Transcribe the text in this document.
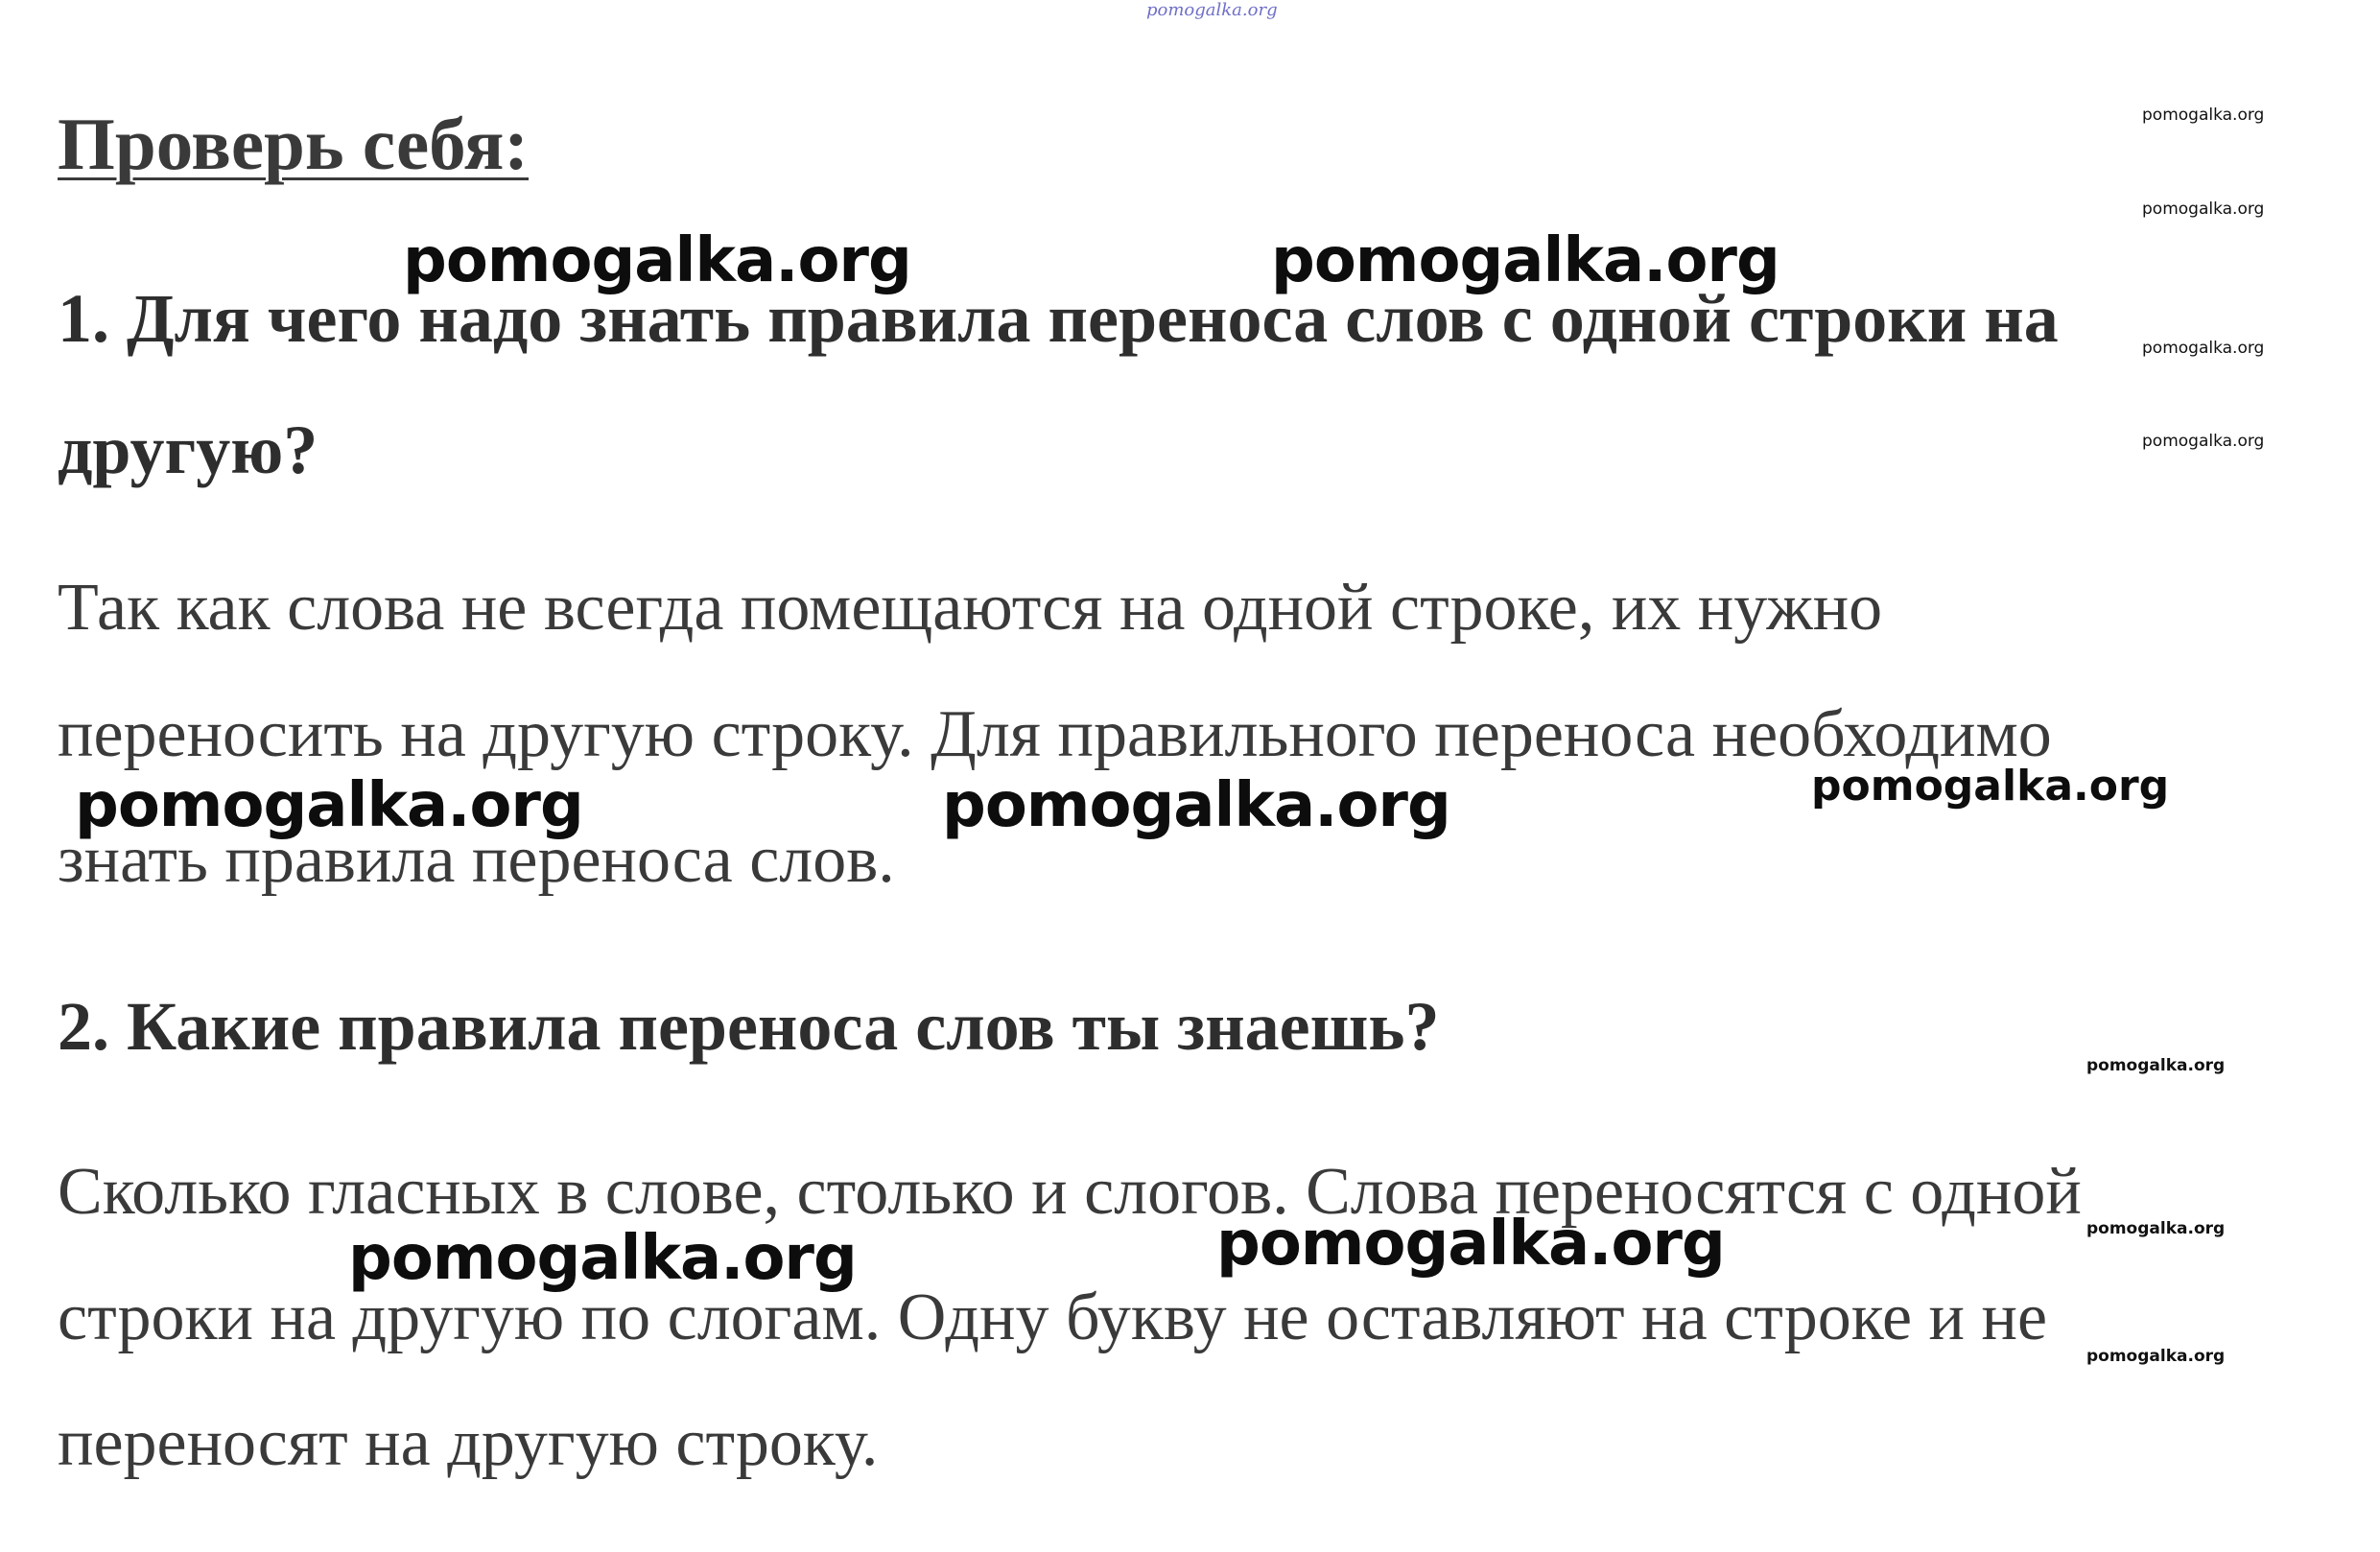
pomogalka.org

Проверь себя:

1. Для чего надо знать правила переноса слов с одной строки на

другую?

Так как слова не всегда помещаются на одной строке, их нужно

переносить на другую строку. Для правильного переноса необходимо

знать правила переноса слов.

2. Какие правила переноса слов ты знаешь?

Сколько гласных в слове, столько и слогов. Слова переносятся с одной

строки на другую по слогам. Одну букву не оставляют на строке и не

переносят на другую строку.

pomogalka.org	pomogalka.org

pomogalka.org	pomogalka.org

pomogalka.org	pomogalka.org

pomogalka.org

pomogalka.org

pomogalka.org

pomogalka.org

pomogalka.org

pomogalka.org

pomogalka.org

pomogalka.org
